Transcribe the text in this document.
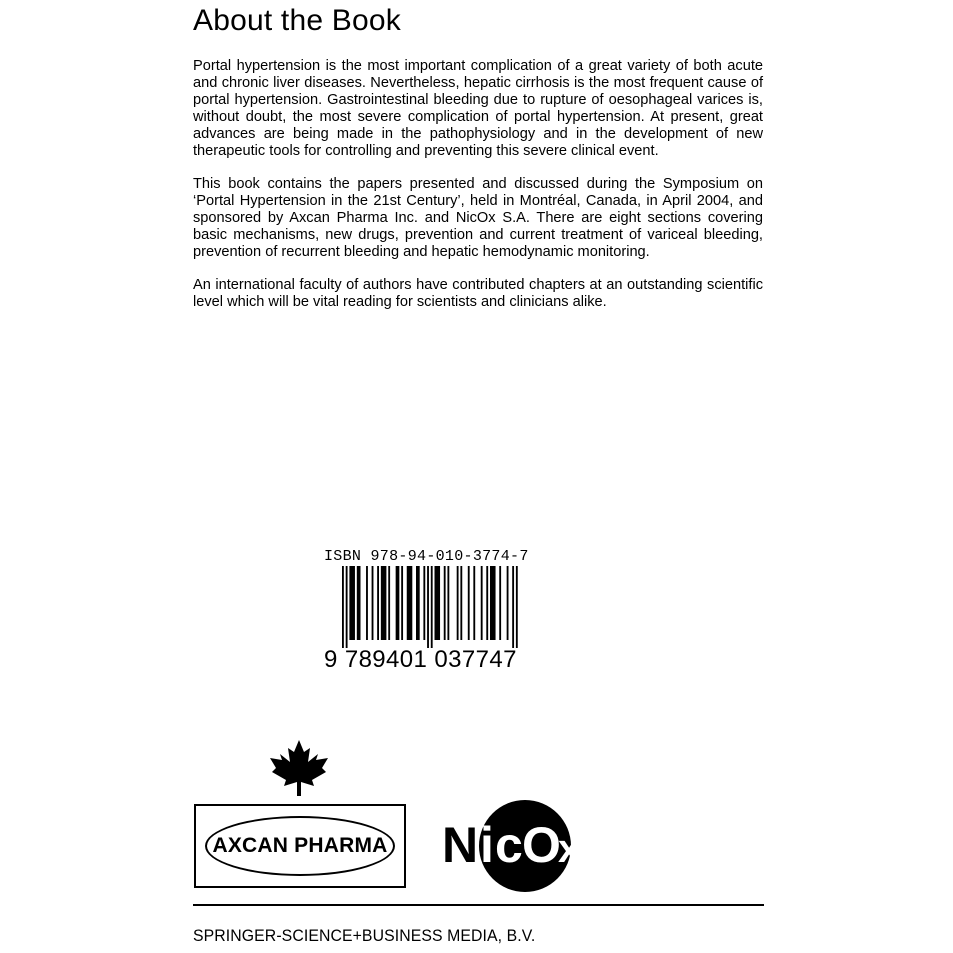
About the Book

Portal hypertension is the most important complication of a great variety of both acute and chronic liver diseases. Nevertheless, hepatic cirrhosis is the most frequent cause of portal hypertension. Gastrointestinal bleeding due to rupture of oesophageal varices is, without doubt, the most severe complication of portal hypertension. At present, great advances are being made in the pathophysiology and in the development of new therapeutic tools for controlling and preventing this severe clinical event.

This book contains the papers presented and discussed during the Symposium on ‘Portal Hypertension in the 21st Century’, held in Montréal, Canada, in April 2004, and sponsored by Axcan Pharma Inc. and NicOx S.A. There are eight sections covering basic mechanisms, new drugs, prevention and current treatment of variceal bleeding, prevention of recurrent bleeding and hepatic hemodynamic monitoring.

An international faculty of authors have contributed chapters at an outstanding scientific level which will be vital reading for scientists and clinicians alike.

ISBN 978-94-010-3774-7
9 789401 037747
AXCAN PHARMA N i c O
x
SPRINGER-SCIENCE+BUSINESS MEDIA, B.V.
